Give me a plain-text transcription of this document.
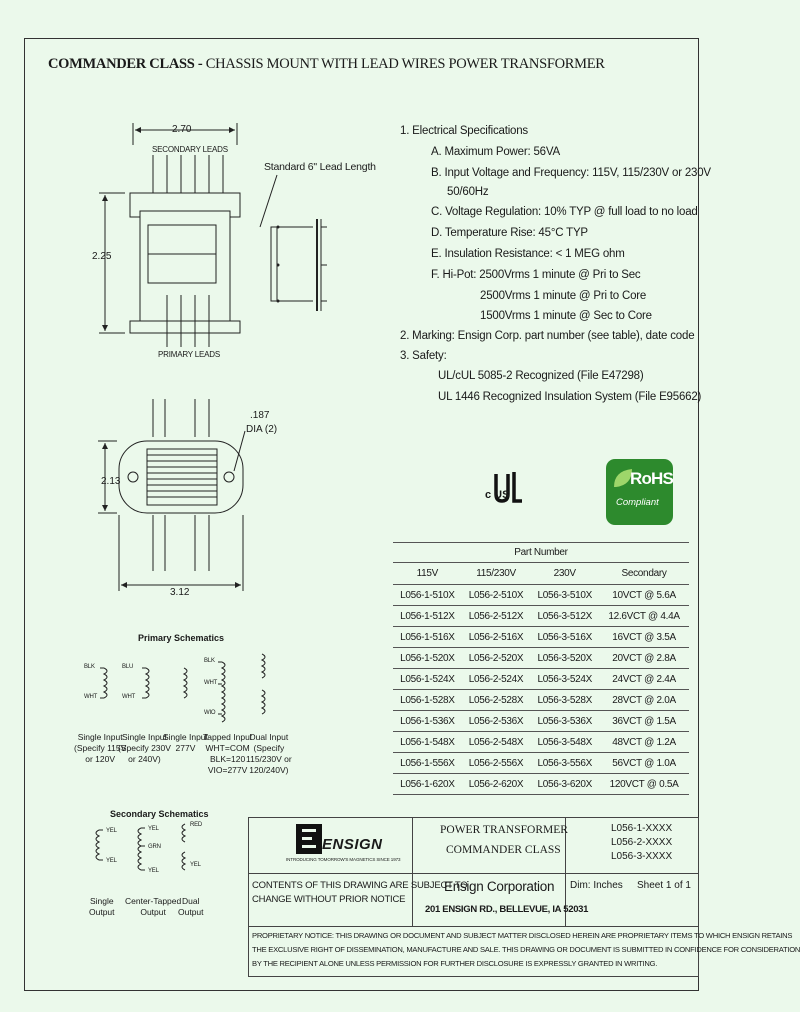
COMMANDER CLASS - CHASSIS MOUNT WITH LEAD WIRES POWER TRANSFORMER
2.70
SECONDARY LEADS
2.25
PRIMARY LEADS
Standard 6" Lead Length
.187
DIA (2)
2.13
3.12
1. Electrical Specifications
A. Maximum Power: 56VA
B. Input Voltage and Frequency: 115V, 115/230V or 230V
50/60Hz
C. Voltage Regulation: 10% TYP @ full load to no load
D. Temperature Rise: 45°C TYP
E. Insulation Resistance: < 1 MEG ohm
F. Hi-Pot: 2500Vrms 1 minute @ Pri to Sec
2500Vrms 1 minute @ Pri to Core
1500Vrms 1 minute @ Sec to Core
2. Marking: Ensign Corp. part number (see table), date code
3. Safety:
UL/cUL 5085-2 Recognized (File E47298)
UL 1446 Recognized Insulation System (File E95662)
c US
RoHS
Compliant
Part Number			
115V	115/230V	230V	Secondary
L056-1-510X	L056-2-510X	L056-3-510X	10VCT @ 5.6A
L056-1-512X	L056-2-512X	L056-3-512X	12.6VCT @ 4.4A
L056-1-516X	L056-2-516X	L056-3-516X	16VCT @ 3.5A
L056-1-520X	L056-2-520X	L056-3-520X	20VCT @ 2.8A
L056-1-524X	L056-2-524X	L056-3-524X	24VCT @ 2.4A
L056-1-528X	L056-2-528X	L056-3-528X	28VCT @ 2.0A
L056-1-536X	L056-2-536X	L056-3-536X	36VCT @ 1.5A
L056-1-548X	L056-2-548X	L056-3-548X	48VCT @ 1.2A
L056-1-556X	L056-2-556X	L056-3-556X	56VCT @ 1.0A
L056-1-620X	L056-2-620X	L056-3-620X	120VCT @ 0.5A
Primary Schematics
BLK
WHT
BLU
WHT
BLK
WHT
WIO
Single Input
(Specify 115V
or 120V
Single Input
(Specify 230V
or 240V)
Single Input
277V
Tapped Input
WHT=COM
BLK=120
VIO=277V
Dual Input
(Specify
115/230V or
120/240V)
Secondary Schematics
YEL
YEL
YEL
GRN
YEL
RED
YEL
Single
Output
Center-Tapped
Output
Dual
Output
ENSIGN
INTRODUCING TOMORROW'S MAGNETICS SINCE 1973
POWER TRANSFORMER
COMMANDER CLASS
L056-1-XXXX
L056-2-XXXX
L056-3-XXXX
CONTENTS OF THIS DRAWING ARE SUBJECT TO
CHANGE WITHOUT PRIOR NOTICE
Ensign Corporation
201 ENSIGN RD., BELLEVUE, IA 52031
Dim: Inches Sheet 1 of 1
PROPRIETARY NOTICE: THIS DRAWING OR DOCUMENT AND SUBJECT MATTER DISCLOSED HEREIN ARE PROPRIETARY ITEMS TO WHICH ENSIGN RETAINS
THE EXCLUSIVE RIGHT OF DISSEMINATION, MANUFACTURE AND SALE. THIS DRAWING OR DOCUMENT IS SUBMITTED IN CONFIDENCE FOR CONSIDERATION
BY THE RECIPIENT ALONE UNLESS PERMISSION FOR FURTHER DISCLOSURE IS EXPRESSLY GRANTED IN WRITING.
